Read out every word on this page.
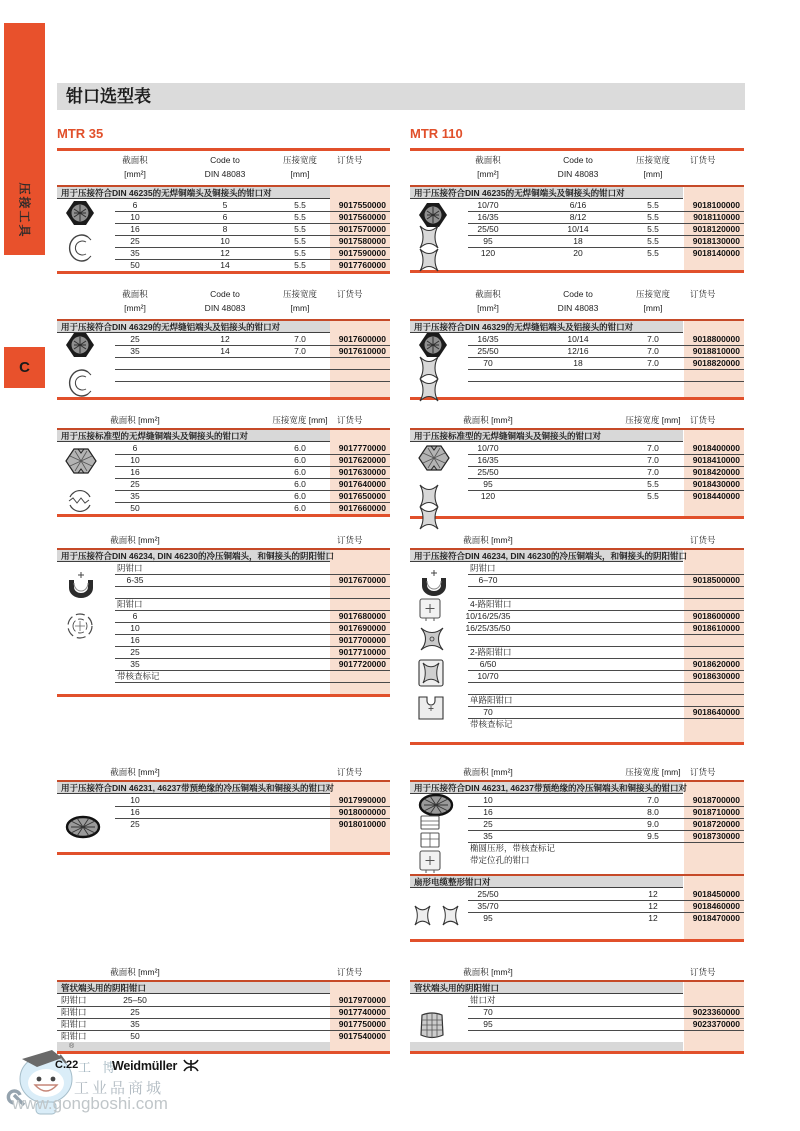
压接工具
C
钳口选型表
MTR 35	MTR 110
截面积
[mm²]
Code to
DIN 48083
压接宽度
[mm]
订货号
用于压接符合DIN 46235的无焊铜端头及铜接头的钳口对
6	5	5.5	9017550000
10	6	5.5	9017560000
16	8	5.5	9017570000
25	10	5.5	9017580000
35	12	5.5	9017590000
50	14	5.5	9017760000
截面积
[mm²]
Code to
DIN 48083
压接宽度
[mm]
订货号
用于压接符合DIN 46329的无焊缝铝端头及铝接头的钳口对
25	12	7.0	9017600000
35	14	7.0	9017610000
截面积 [mm²]	压接宽度 [mm] 订货号
用于压接标准型的无焊缝铜端头及铜接头的钳口对
6	6.0	9017770000
10	6.0	9017620000
16	6.0	9017630000
25	6.0	9017640000
35	6.0	9017650000
50	6.0	9017660000
截面积 [mm²]	订货号
用于压接符合DIN 46234, DIN 46230的冷压铜端头，和铜接头的阴阳钳口
阴钳口
6-35	9017670000
阳钳口
6	9017680000
10	9017690000
16	9017700000
25	9017710000
35	9017720000
带核查标记
截面积 [mm²]	订货号
用于压接符合DIN 46231, 46237带预绝缘的冷压铜端头和铜接头的钳口对
10	9017990000
16	9018000000
25	9018010000
截面积 [mm²]	订货号
管状端头用的阴阳钳口
阴钳口	25–50	9017970000
阳钳口	25	9017740000
阳钳口	35	9017750000
阳钳口	50	9017540000
®
截面积
[mm²]
Code to
DIN 48083
压接宽度
[mm]
订货号
用于压接符合DIN 46235的无焊铜端头及铜接头的钳口对
10/70	6/16	5.5	9018100000
16/35	8/12	5.5	9018110000
25/50	10/14	5.5	9018120000
95	18	5.5	9018130000
120	20	5.5	9018140000
截面积
[mm²]
Code to
DIN 48083
压接宽度
[mm]
订货号
用于压接符合DIN 46329的无焊缝铝端头及铝接头的钳口对
16/35	10/14	7.0	9018800000
25/50	12/16	7.0	9018810000
70	18	7.0	9018820000
截面积 [mm²]	压接宽度 [mm] 订货号
用于压接标准型的无焊缝铜端头及铜接头的钳口对
10/70	7.0	9018400000
16/35	7.0	9018410000
25/50	7.0	9018420000
95	5.5	9018430000
120	5.5	9018440000
截面积 [mm²]	订货号
用于压接符合DIN 46234, DIN 46230的冷压铜端头，和铜接头的阴阳钳口
阴钳口
6–70	9018500000
4-路阳钳口
10/16/25/35	9018600000
16/25/35/50	9018610000
2-路阳钳口
6/50	9018620000
10/70	9018630000
单路阳钳口
70	9018640000
带核查标记
截面积 [mm²]	压接宽度 [mm] 订货号
用于压接符合DIN 46231, 46237带预绝缘的冷压铜端头和铜接头的钳口对
10	7.0	9018700000
16	8.0	9018710000
25	9.0	9018720000
35	9.5	9018730000
椭圆压形，带核查标记
带定位孔的钳口
扇形电缆整形钳口对
25/50	12	9018450000
35/70	12	9018460000
95	12	9018470000
截面积 [mm²]	订货号
管状端头用的阴阳钳口
钳口对
70	9023360000
95	9023370000
C.22 工 博
Weidmüller
工业品商城
www.gongboshi.com
